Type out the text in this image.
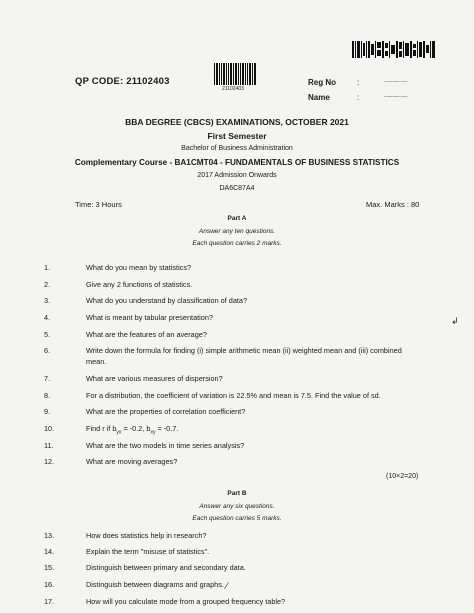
QP CODE: 21102403
21102403
Reg No	:	....................
Name	:	....................
BBA DEGREE (CBCS) EXAMINATIONS, OCTOBER 2021
First Semester
Bachelor of Business Administration
Complementary Course - BA1CMT04 - FUNDAMENTALS OF BUSINESS STATISTICS
2017 Admission Onwards
DA6C87A4
Time: 3 Hours	Max. Marks : 80
Part A
Answer any ten questions.
Each question carries 2 marks.
1.	What do you mean by statistics?
2.	Give any 2 functions of statistics.
3.	What do you understand by classification of data?
4.	What is meant by tabular presentation?
5.	What are the features of an average?
6.	Write down the formula for finding (i) simple arithmetic mean (ii) weighted mean and (iii) combined
mean.
7.	What are various measures of dispersion?
8.	For a distribution, the coefficient of variation is 22.5% and mean is 7.5. Find the value of sd.
9.	What are the properties of correlation coefficient?
10.	Find r if $b_{yx} = -0.2$, $b_{xy} = -0.7$.
11.	What are the two models in time series analysis?
12.	What are moving averages?
(10×2=20)
Part B
Answer any six questions.
Each question carries 5 marks.
13.	How does statistics help in research?
14.	Explain the term "misuse of statistics".
15.	Distinguish between primary and secondary data.
16.	Distinguish between diagrams and graphs.
17.	How will you calculate mode from a grouped frequency table?
↲
⁄
